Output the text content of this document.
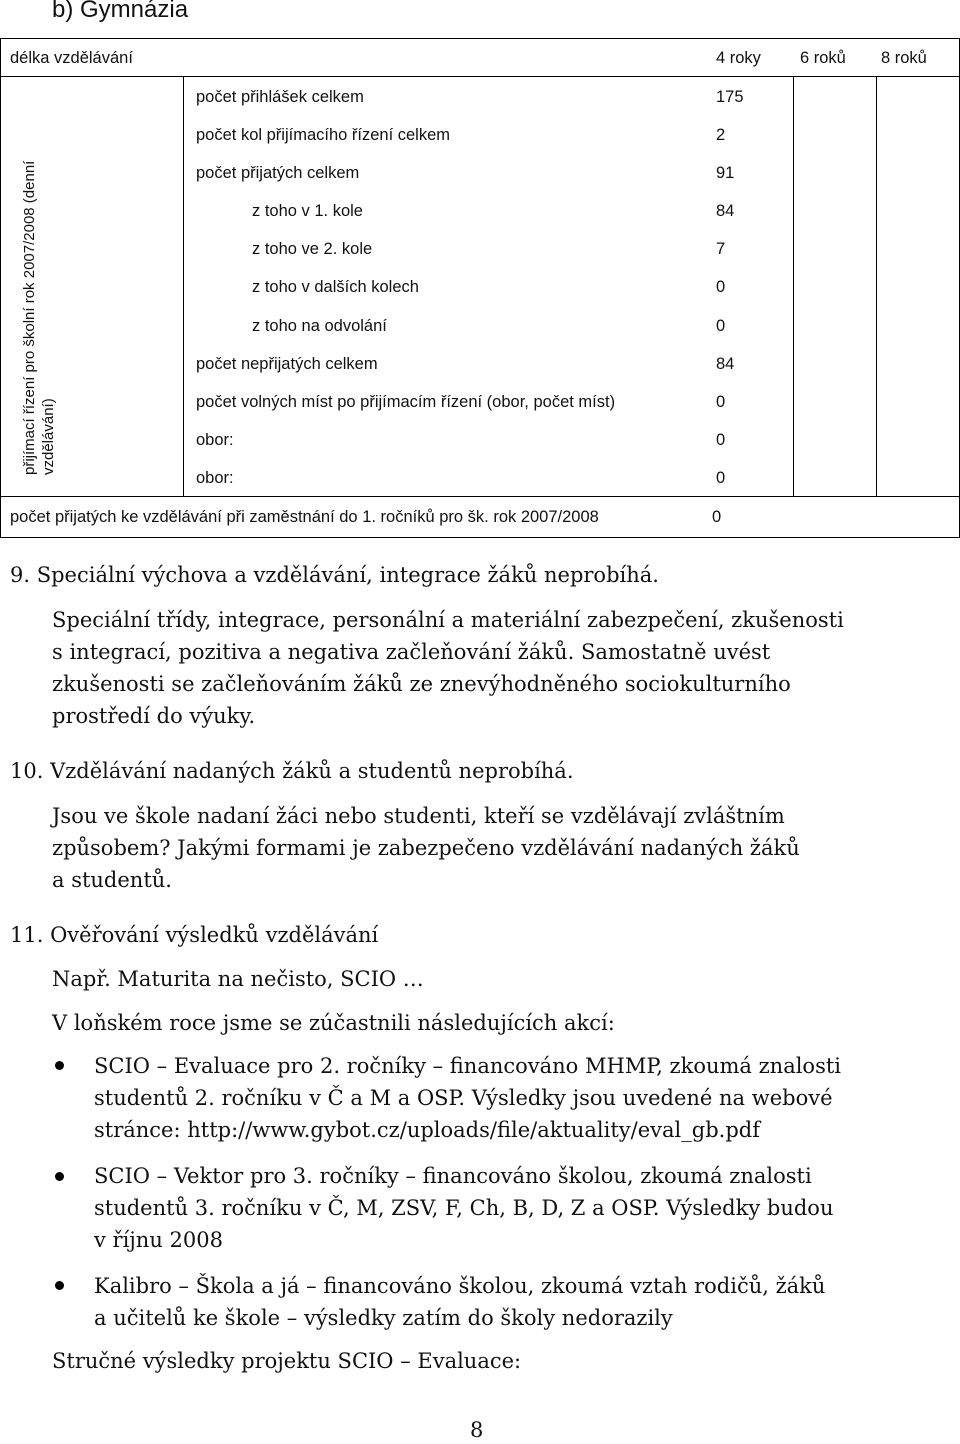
b) Gymnázia
délka vzdělávání	4 roky 6 roků 8 roků
přijímací řízení pro školní rok 2007/2008 (denní vzdělávání)
počet přihlášek celkem	175
počet kol přijímacího řízení celkem	2
počet přijatých celkem	91
z toho v 1. kole	84
z toho ve 2. kole	7
z toho v dalších kolech	0
z toho na odvolání	0
počet nepřijatých celkem	84
počet volných míst po přijímacím řízení (obor, počet míst)	0
obor:	0
obor:	0
počet přijatých ke vzdělávání při zaměstnání do 1. ročníků pro šk. rok 2007/2008	0
9. Speciální výchova a vzdělávání, integrace žáků neprobíhá.
Speciální třídy, integrace, personální a materiální zabezpečení, zkušenosti
s integrací, pozitiva a negativa začleňování žáků. Samostatně uvést
zkušenosti se začleňováním žáků ze znevýhodněného sociokulturního
prostředí do výuky.
10. Vzdělávání nadaných žáků a studentů neprobíhá.
Jsou ve škole nadaní žáci nebo studenti, kteří se vzdělávají zvláštním
způsobem? Jakými formami je zabezpečeno vzdělávání nadaných žáků
a studentů.
11. Ověřování výsledků vzdělávání
Např. Maturita na nečisto, SCIO …
V loňském roce jsme se zúčastnili následujících akcí:
SCIO – Evaluace pro 2. ročníky – financováno MHMP, zkoumá znalosti
studentů 2. ročníku v Č a M a OSP. Výsledky jsou uvedené na webové
stránce: http://www.gybot.cz/uploads/file/aktuality/eval_gb.pdf
SCIO – Vektor pro 3. ročníky – financováno školou, zkoumá znalosti
studentů 3. ročníku v Č, M, ZSV, F, Ch, B, D, Z a OSP. Výsledky budou
v říjnu 2008
Kalibro – Škola a já – financováno školou, zkoumá vztah rodičů, žáků
a učitelů ke škole – výsledky zatím do školy nedorazily
Stručné výsledky projektu SCIO – Evaluace:
8
